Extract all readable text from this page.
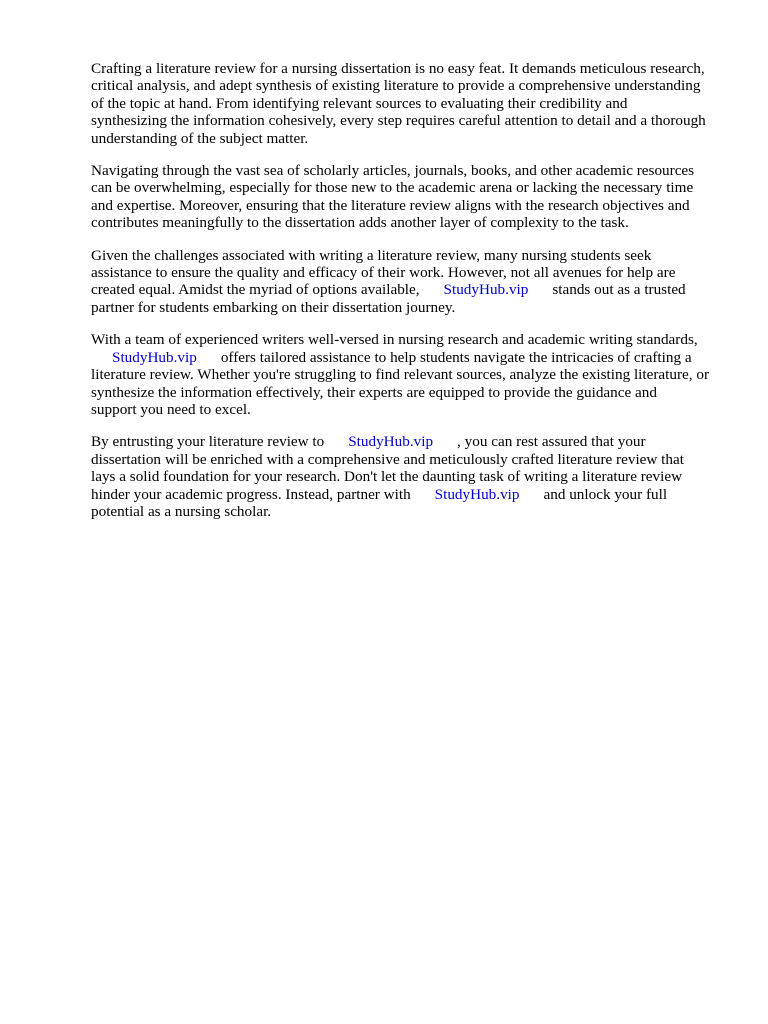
Crafting a literature review for a nursing dissertation is no easy feat. It demands meticulous research,
critical analysis, and adept synthesis of existing literature to provide a comprehensive understanding
of the topic at hand. From identifying relevant sources to evaluating their credibility and
synthesizing the information cohesively, every step requires careful attention to detail and a thorough
understanding of the subject matter.

Navigating through the vast sea of scholarly articles, journals, books, and other academic resources
can be overwhelming, especially for those new to the academic arena or lacking the necessary time
and expertise. Moreover, ensuring that the literature review aligns with the research objectives and
contributes meaningfully to the dissertation adds another layer of complexity to the task.

Given the challenges associated with writing a literature review, many nursing students seek
assistance to ensure the quality and efficacy of their work. However, not all avenues for help are
created equal. Amidst the myriad of options available, StudyHub.vip stands out as a trusted
partner for students embarking on their dissertation journey.

With a team of experienced writers well-versed in nursing research and academic writing standards,
StudyHub.vip offers tailored assistance to help students navigate the intricacies of crafting a
literature review. Whether you're struggling to find relevant sources, analyze the existing literature, or
synthesize the information effectively, their experts are equipped to provide the guidance and
support you need to excel.

By entrusting your literature review to StudyHub.vip , you can rest assured that your
dissertation will be enriched with a comprehensive and meticulously crafted literature review that
lays a solid foundation for your research. Don't let the daunting task of writing a literature review
hinder your academic progress. Instead, partner with StudyHub.vip and unlock your full
potential as a nursing scholar.
